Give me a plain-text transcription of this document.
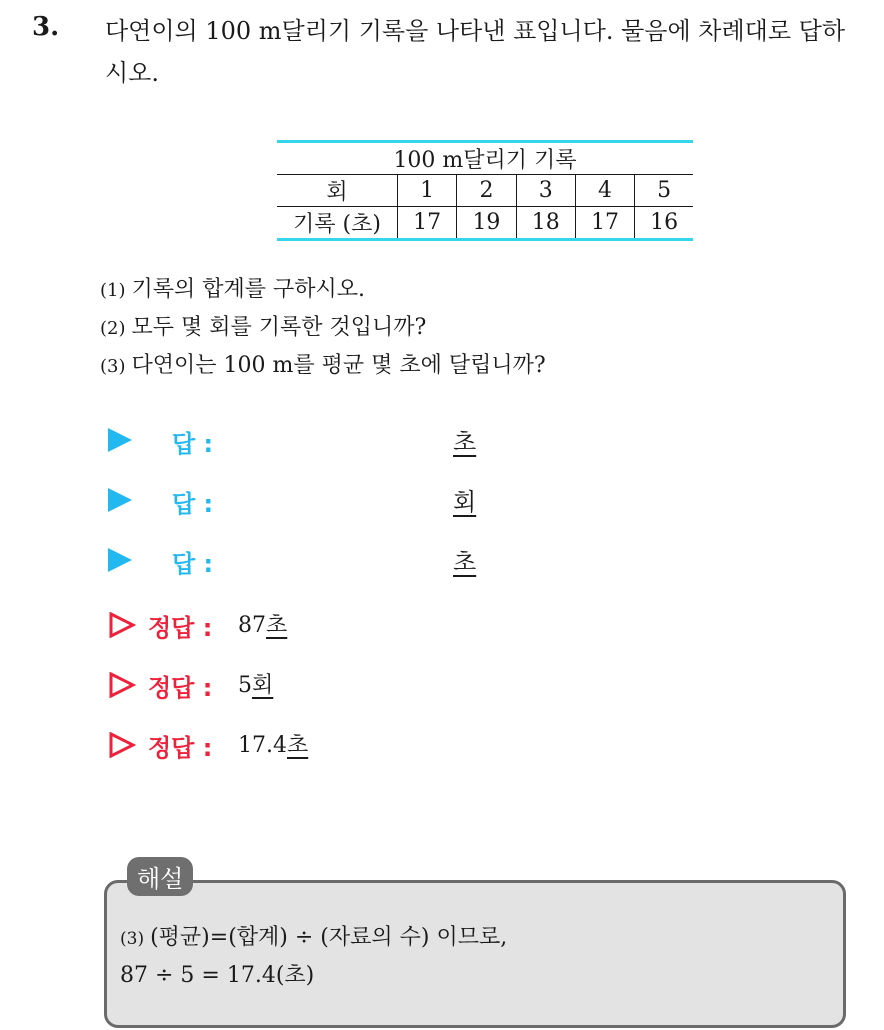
3. 다연이의 100 m달리기 기록을 나타낸 표입니다. 물음에 차례대로 답하시오.
100 m달리기 기록					
회	1	2	3	4	5
기록 (초)	17	19	18	17	16
(1) 기록의 합계를 구하시오.
(2) 모두 몇 회를 기록한 것입니까?
(3) 다연이는 100 m를 평균 몇 초에 달립니까?
답 :	초
답 :	회
답 :	초
정답 : 87초
정답 : 5회
정답 : 17.4초
해설
(3) (평균)=(합계) ÷ (자료의 수) 이므로,
87 ÷ 5 = 17.4(초)
